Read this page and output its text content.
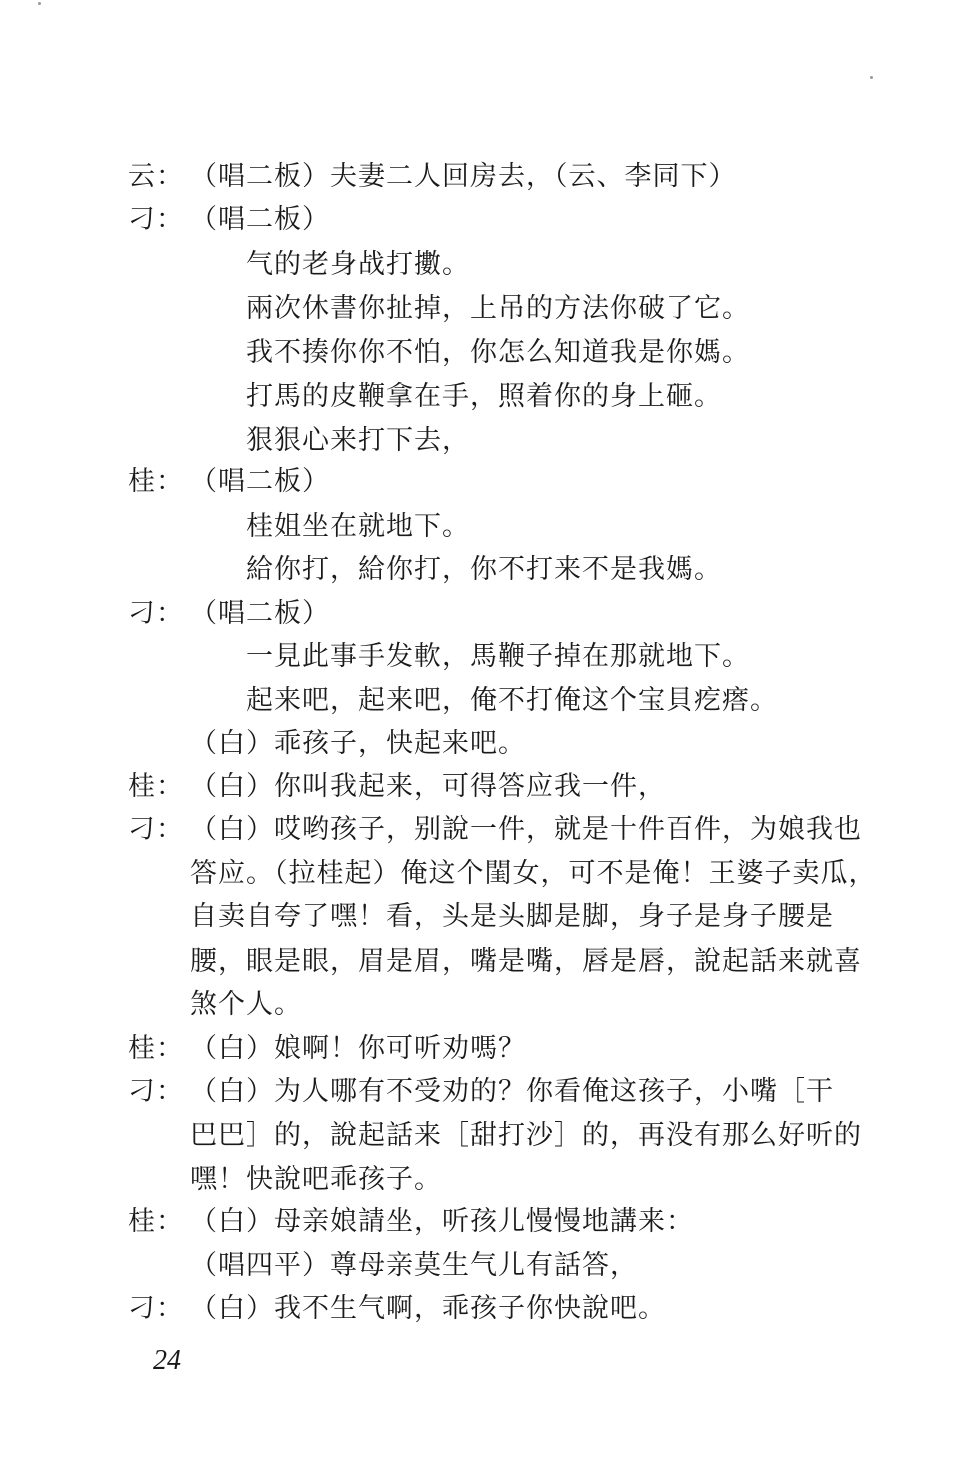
云： （唱二板）夫妻二人回房去，（云、李同下）
刁： （唱二板）
气的老身战打擻。
兩次休書你扯掉，上吊的方法你破了它。
我不揍你你不怕，你怎么知道我是你媽。
打馬的皮鞭拿在手，照着你的身上砸。
狠狠心来打下去，
桂： （唱二板）
桂姐坐在就地下。
給你打，給你打，你不打来不是我媽。
刁： （唱二板）
一見此事手发軟，馬鞭子掉在那就地下。
起来吧，起来吧，俺不打俺这个宝貝疙瘩。
（白）乖孩子，快起来吧。
桂： （白）你叫我起来，可得答应我一件，
刁： （白）哎哟孩子，别說一件，就是十件百件，为娘我也
答应。（拉桂起）俺这个閨女，可不是俺！王婆子卖瓜，
自卖自夸了嘿！看，头是头脚是脚，身子是身子腰是
腰，眼是眼，眉是眉，嘴是嘴，唇是唇，說起話来就喜
煞个人。
桂： （白）娘啊！你可听劝嗎？
刁： （白）为人哪有不受劝的？你看俺这孩子，小嘴［干
巴巴］的，說起話来［甜打沙］的，再没有那么好听的
嘿！快說吧乖孩子。
桂： （白）母亲娘請坐，听孩儿慢慢地講来：
（唱四平）尊母亲莫生气儿有話答，
刁： （白）我不生气啊，乖孩子你快說吧。
24
